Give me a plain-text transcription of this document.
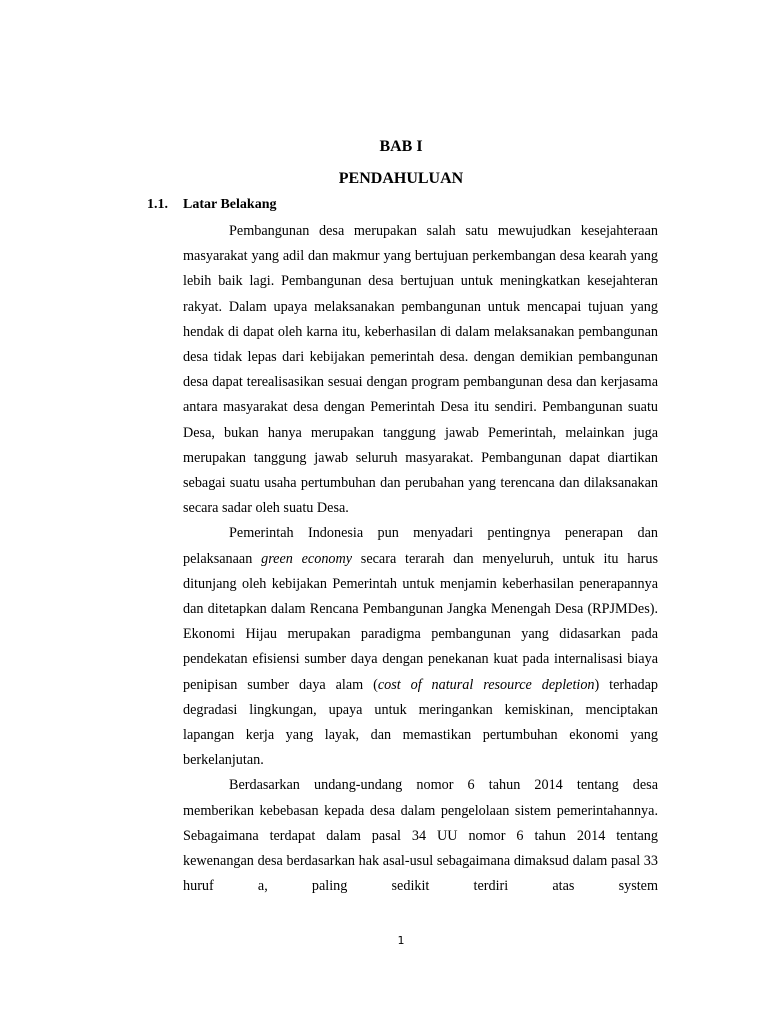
BAB I
PENDAHULUAN
1.1. Latar Belakang

Pembangunan desa merupakan salah satu mewujudkan kesejahteraan masyarakat yang adil dan makmur yang bertujuan perkembangan desa kearah yang lebih baik lagi. Pembangunan desa bertujuan untuk meningkatkan kesejahteran rakyat. Dalam upaya melaksanakan pembangunan untuk mencapai tujuan yang hendak di dapat oleh karna itu, keberhasilan di dalam melaksanakan pembangunan desa tidak lepas dari kebijakan pemerintah desa. dengan demikian pembangunan desa dapat terealisasikan sesuai dengan program pembangunan desa dan kerjasama antara masyarakat desa dengan Pemerintah Desa itu sendiri. Pembangunan suatu Desa, bukan hanya merupakan tanggung jawab Pemerintah, melainkan juga merupakan tanggung jawab seluruh masyarakat. Pembangunan dapat diartikan sebagai suatu usaha pertumbuhan dan perubahan yang terencana dan dilaksanakan secara sadar oleh suatu Desa.

Pemerintah Indonesia pun menyadari pentingnya penerapan dan pelaksanaan green economy secara terarah dan menyeluruh, untuk itu harus ditunjang oleh kebijakan Pemerintah untuk menjamin keberhasilan penerapannya dan ditetapkan dalam Rencana Pembangunan Jangka Menengah Desa (RPJMDes). Ekonomi Hijau merupakan paradigma pembangunan yang didasarkan pada pendekatan efisiensi sumber daya dengan penekanan kuat pada internalisasi biaya penipisan sumber daya alam (cost of natural resource depletion) terhadap degradasi lingkungan, upaya untuk meringankan kemiskinan, menciptakan lapangan kerja yang layak, dan memastikan pertumbuhan ekonomi yang berkelanjutan.

Berdasarkan undang-undang nomor 6 tahun 2014 tentang desa memberikan kebebasan kepada desa dalam pengelolaan sistem pemerintahannya. Sebagaimana terdapat dalam pasal 34 UU nomor 6 tahun 2014 tentang kewenangan desa berdasarkan hak asal-usul sebagaimana dimaksud dalam pasal 33 huruf a, paling sedikit terdiri atas system

1
